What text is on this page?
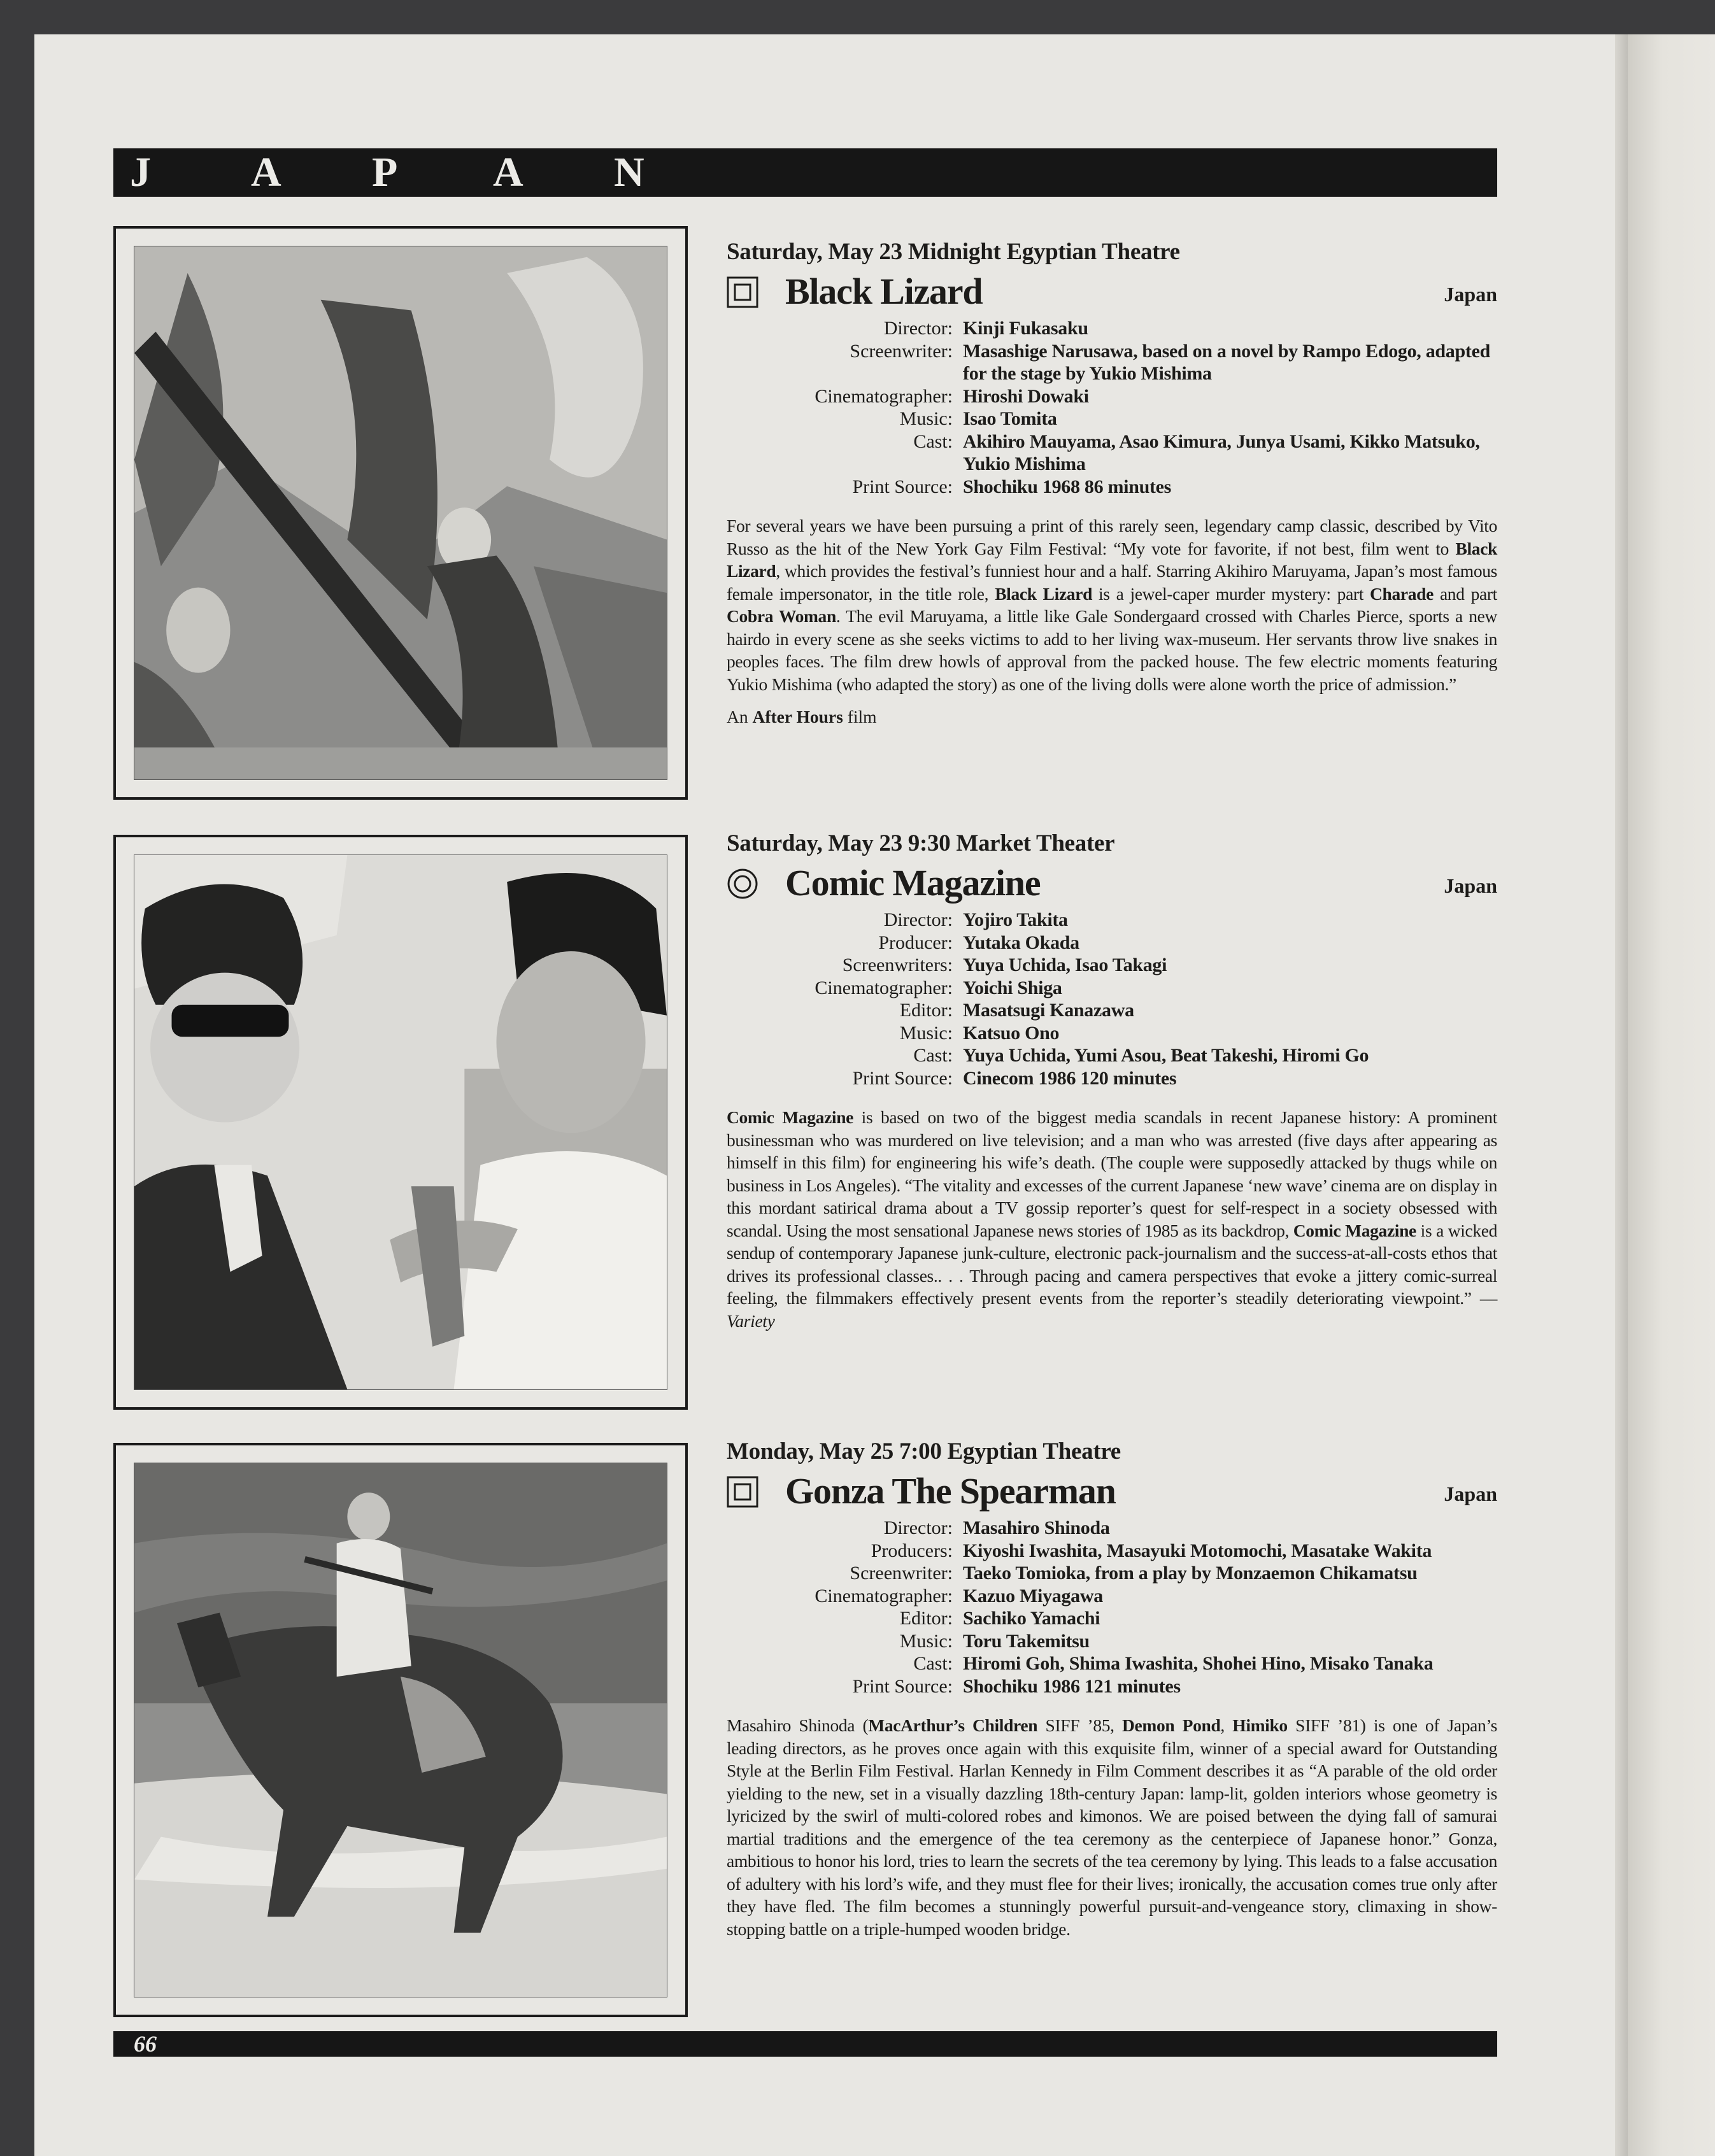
J	A	P	A	N
Saturday, May 23 Midnight Egyptian Theatre
Black Lizard	Japan
Director: Kinji Fukasaku
Screenwriter: Masashige Narusawa, based on a novel by Rampo Edogo, adapted for the stage by Yukio Mishima
Cinematographer: Hiroshi Dowaki
Music: Isao Tomita
Cast: Akihiro Mauyama, Asao Kimura, Junya Usami, Kikko Matsuko, Yukio Mishima
Print Source: Shochiku 1968 86 minutes
For several years we have been pursuing a print of this rarely seen, legendary camp classic, described by Vito Russo as the hit of the New York Gay Film Festival: “My vote for favorite, if not best, film went to Black Lizard, which provides the festival’s funniest hour and a half. Starring Akihiro Maruyama, Japan’s most famous female impersonator, in the title role, Black Lizard is a jewel-caper murder mystery: part Charade and part Cobra Woman. The evil Maruyama, a little like Gale Sondergaard crossed with Charles Pierce, sports a new hairdo in every scene as she seeks victims to add to her living wax-museum. Her servants throw live snakes in peoples faces. The film drew howls of approval from the packed house. The few electric moments featuring Yukio Mishima (who adapted the story) as one of the living dolls were alone worth the price of admission.”
An After Hours film
Saturday, May 23 9:30 Market Theater
Comic Magazine	Japan
Director: Yojiro Takita
Producer: Yutaka Okada
Screenwriters: Yuya Uchida, Isao Takagi
Cinematographer: Yoichi Shiga
Editor: Masatsugi Kanazawa
Music: Katsuo Ono
Cast: Yuya Uchida, Yumi Asou, Beat Takeshi, Hiromi Go
Print Source: Cinecom 1986 120 minutes
Comic Magazine is based on two of the biggest media scandals in recent Japanese history: A prominent businessman who was murdered on live television; and a man who was arrested (five days after appearing as himself in this film) for engineering his wife’s death. (The couple were supposedly attacked by thugs while on business in Los Angeles). “The vitality and excesses of the current Japanese ‘new wave’ cinema are on display in this mordant satirical drama about a TV gossip reporter’s quest for self-respect in a society obsessed with scandal. Using the most sensational Japanese news stories of 1985 as its backdrop, Comic Magazine is a wicked sendup of contemporary Japanese junk-culture, electronic pack-journalism and the success-at-all-costs ethos that drives its professional classes.. . . Through pacing and camera perspectives that evoke a jittery comic-surreal feeling, the filmmakers effectively present events from the reporter’s steadily deteriorating viewpoint.” — Variety
Monday, May 25 7:00 Egyptian Theatre
Gonza The Spearman	Japan
Director: Masahiro Shinoda
Producers: Kiyoshi Iwashita, Masayuki Motomochi, Masatake Wakita
Screenwriter: Taeko Tomioka, from a play by Monzaemon Chikamatsu
Cinematographer: Kazuo Miyagawa
Editor: Sachiko Yamachi
Music: Toru Takemitsu
Cast: Hiromi Goh, Shima Iwashita, Shohei Hino, Misako Tanaka
Print Source: Shochiku 1986 121 minutes
Masahiro Shinoda (MacArthur’s Children SIFF ’85, Demon Pond, Himiko SIFF ’81) is one of Japan’s leading directors, as he proves once again with this exquisite film, winner of a special award for Outstanding Style at the Berlin Film Festival. Harlan Kennedy in Film Comment describes it as “A parable of the old order yielding to the new, set in a visually dazzling 18th-century Japan: lamp-lit, golden interiors whose geometry is lyricized by the swirl of multi-colored robes and kimonos. We are poised between the dying fall of samurai martial traditions and the emergence of the tea ceremony as the centerpiece of Japanese honor.” Gonza, ambitious to honor his lord, tries to learn the secrets of the tea ceremony by lying. This leads to a false accusation of adultery with his lord’s wife, and they must flee for their lives; ironically, the accusation comes true only after they have fled. The film becomes a stunningly powerful pursuit-and-vengeance story, climaxing in show-stopping battle on a triple-humped wooden bridge.
66
